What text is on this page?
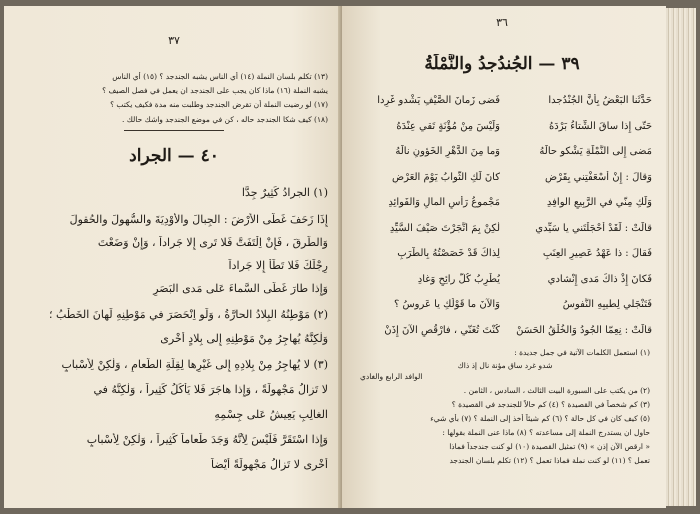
٣٧
(١٣) تكلم بلسان النملة (١٤) أي الناس يشبه الجندجد ؟ (١٥) أي الناس
يشبه النملة (١٦) ماذا كان يجب على الجندجد ان يعمل في فصل الصيف ؟
(١٧) لو رضيت النملة أن تقرض الجندجد وطلبت منه مدة فكيف يكتب ؟
(١٨) كيف شكا الجندجد حاله ، كن في موضع الجندجد واشك حالك .
٤٠ — الجراد
(١) الجرادُ كَثِيرٌ جِدًّا
إِذَا زَحَفَ غَطَّى الأَرْضَ : الجِبالَ والأَوْدِيَةَ والسُّهولَ والحُقولَ
وَالطُّرقَ ، فَإِنْ اِلْتَفَتَّ فَلا تَرى إِلا جَراداً ، وَإِنْ وَضَعْتَ
رِجْلَكَ فَلا تَطَأُ إِلا جَراداً
وَإِذا طارَ غَطَّى السَّماءَ عَلى مَدى البَصَرِ
(٢) مَوْطِنُهُ البِلادُ الحارَّةُ ، وَلَو اِنْحَصَرَ في مَوْطِنِهِ لَهانَ الخَطْبُ ؛
وَلٰكِنَّهُ يُهاجِرُ مِنْ مَوْطِنِهِ إِلى بِلادٍ أُخْرى
(٣) لا يُهاجِرُ مِنْ بِلادِهِ إِلى غَيْرِها لِقِلَّةِ الطَّعامِ ، وَلٰكِنْ لِأَسْبابٍ
لا تَزالُ مَجْهولَةً ، وَإِذا هاجَرَ فَلا يَأْكُلُ كَثِيراً ، وَلٰكِنَّهُ في
الغالِبِ يَعِيشُ عَلى جِسْمِهِ
وَإِذا اسْتَقَرَّ فَلَيْسَ لِأَنَّهُ وَجَدَ طَعاماً كَثِيراً ، وَلٰكِنْ لِأَسْبابٍ
أُخْرى لا تَزالُ مَجْهولَةً أَيْضاً
٣٦
٣٩ — الجُندُجدُ والنَّمْلَةُ
حَدَّثَنا البَعْضُ بِأَنَّ الجُنْدُجدا
فَضى زَمانَ الصَّيْفِ يَشْدو غَرِدا
حَتّى إِذا ساقَ الشِّتاءُ بَرْدَهُ
وَلَيْسَ مِنْ مُؤْنَةٍ تَقي عِنْدَهُ
مَضى إِلى النَّمْلَةِ يَشْكو حالَهُ
وَما مِنَ الدَّهْرِ الخَؤونِ نالَهُ
وَقالَ : إِنْ أَسْعَفْتِني بِقَرْضِ
كانَ لَكِ الثَّوابُ يَوْمَ العَرْضِ
وَلَكِ مِنّي في الرَّبِيعِ الوافِدِ
مَجْموعُ رَأْسِ المالِ وَالفَوائِدِ
قالَتْ : لَقَدْ أَحْجَلْتَني يا سَيِّدي
لٰكِنْ بِمَ اتَّجَرْتَ صَيْفَ السَّيِّدِ
فَقالَ : ذا عَهْدُ عَصِيرِ العِنَبِ
لِذاكَ قَدْ خَصَصْتُهُ بِالطَّرَبِ
فَكانَ إِذْ ذاكَ مَدى إِنْشادي
يُطْرِبُ كُلَّ رائِحٍ وَغادِ
فَتَنْجَلي لِطيبِهِ النُّفوسُ
وَالآنَ ما قَوْلُكِ يا عَروسُ ؟
قالَتْ : نِعِمّا الجُودُ وَالخُلْقُ الحَسَنْ
كُنْتَ تُغَنّي ، فارْقُصِ الآنَ إِذَنْ
(١) استعمل الكلمات الآتية في جمل جديدة :
شدو غرد ساق مؤنة نال إذ ذاك
الوافد الرابع والغادي
(٢) من يكتب على السبورة البيت الثالث ، السادس ، الثامن .
(٣) كم شخصاً في القصيدة ؟ (٤) كم حالاً للجندجد في القصيدة ؟
(٥) كيف كان في كل حالة ؟ (٦) كم شيئاً أخذ إلى النملة ؟ (٧) بأي شيء
حاول ان يستدرج النملة إلى مساعدته ؟ (٨) ماذا عنى النملة بقولها :
« ارقص الآن إذن » (٩) تمثيل القصيدة (١٠) لو كنت جندجداً فماذا
تعمل ؟ (١١) لو كنت نملة فماذا تعمل ؟ (١٢) تكلم بلسان الجندجد
